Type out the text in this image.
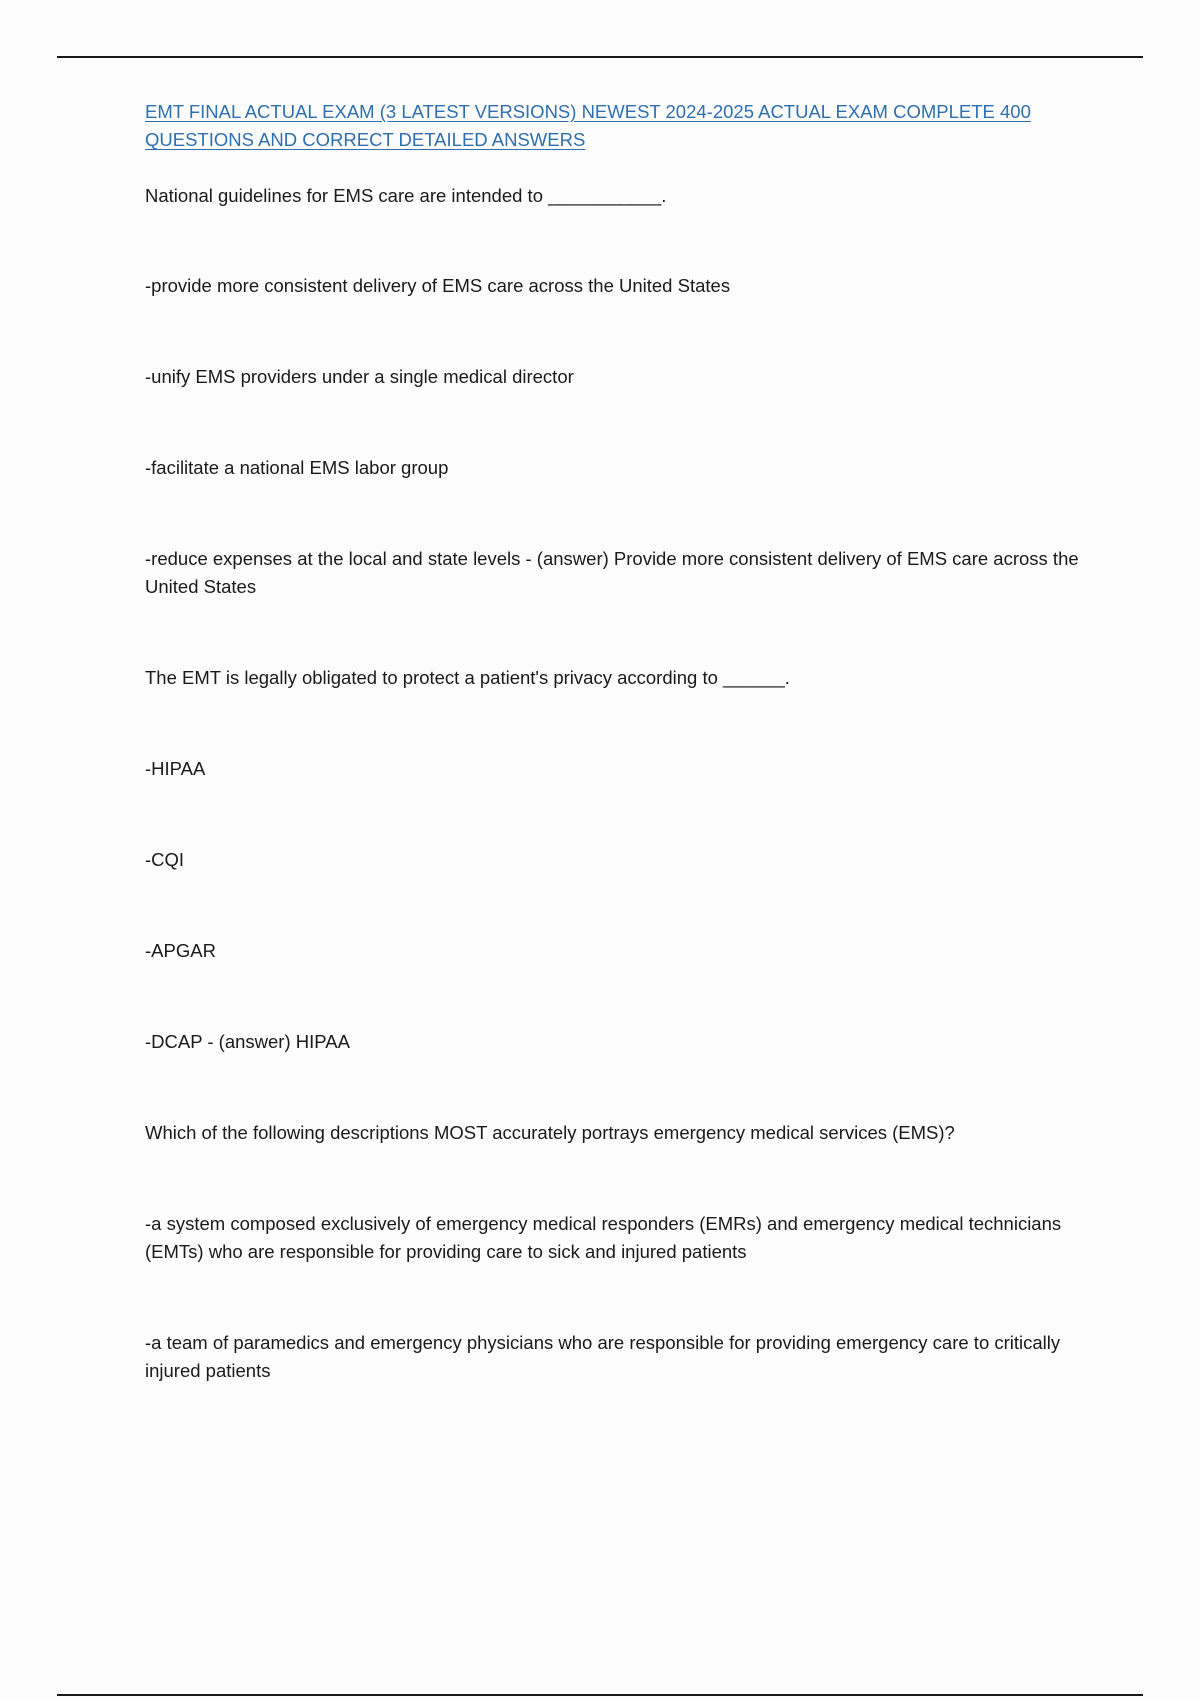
EMT FINAL ACTUAL EXAM (3 LATEST VERSIONS) NEWEST 2024-2025 ACTUAL EXAM COMPLETE 400 QUESTIONS AND CORRECT DETAILED ANSWERS
National guidelines for EMS care are intended to ___________.
-provide more consistent delivery of EMS care across the United States
-unify EMS providers under a single medical director
-facilitate a national EMS labor group
-reduce expenses at the local and state levels - (answer) Provide more consistent delivery of EMS care across the United States
The EMT is legally obligated to protect a patient's privacy according to ______.
-HIPAA
-CQI
-APGAR
-DCAP - (answer) HIPAA
Which of the following descriptions MOST accurately portrays emergency medical services (EMS)?
-a system composed exclusively of emergency medical responders (EMRs) and emergency medical technicians (EMTs) who are responsible for providing care to sick and injured patients
-a team of paramedics and emergency physicians who are responsible for providing emergency care to critically injured patients
